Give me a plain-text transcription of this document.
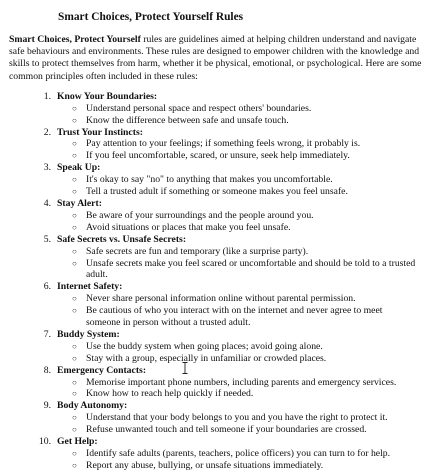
Smart Choices, Protect Yourself Rules

Smart Choices, Protect Yourself rules are guidelines aimed at helping children understand and navigate safe behaviours and environments. These rules are designed to empower children with the knowledge and skills to protect themselves from harm, whether it be physical, emotional, or psychological. Here are some common principles often included in these rules:

1. Know Your Boundaries:
○ Understand personal space and respect others' boundaries.
○ Know the difference between safe and unsafe touch.
2. Trust Your Instincts:
○ Pay attention to your feelings; if something feels wrong, it probably is.
○ If you feel uncomfortable, scared, or unsure, seek help immediately.
3. Speak Up:
○ It's okay to say "no" to anything that makes you uncomfortable.
○ Tell a trusted adult if something or someone makes you feel unsafe.
4. Stay Alert:
○ Be aware of your surroundings and the people around you.
○ Avoid situations or places that make you feel unsafe.
5. Safe Secrets vs. Unsafe Secrets:
○ Safe secrets are fun and temporary (like a surprise party).
○ Unsafe secrets make you feel scared or uncomfortable and should be told to a trusted adult.
6. Internet Safety:
○ Never share personal information online without parental permission.
○ Be cautious of who you interact with on the internet and never agree to meet someone in person without a trusted adult.
7. Buddy System:
○ Use the buddy system when going places; avoid going alone.
○ Stay with a group, especially in unfamiliar or crowded places.
8. Emergency Contacts:
○ Memorise important phone numbers, including parents and emergency services.
○ Know how to reach help quickly if needed.
9. Body Autonomy:
○ Understand that your body belongs to you and you have the right to protect it.
○ Refuse unwanted touch and tell someone if your boundaries are crossed.
10. Get Help:
○ Identify safe adults (parents, teachers, police officers) you can turn to for help.
○ Report any abuse, bullying, or unsafe situations immediately.
